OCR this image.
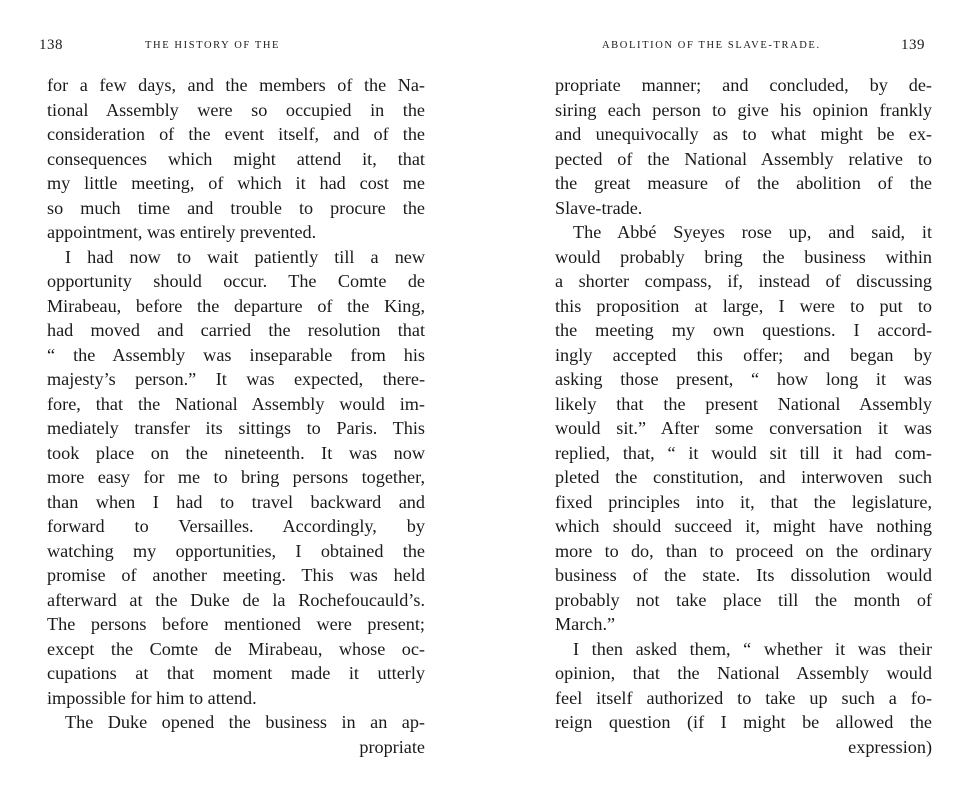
138	THE HISTORY OF THE
for a few days, and the members of the Na-
tional Assembly were so occupied in the
consideration of the event itself, and of the
consequences which might attend it, that
my little meeting, of which it had cost me
so much time and trouble to procure the
appointment, was entirely prevented.
I had now to wait patiently till a new
opportunity should occur. The Comte de
Mirabeau, before the departure of the King,
had moved and carried the resolution that
“ the Assembly was inseparable from his
majesty’s person.” It was expected, there-
fore, that the National Assembly would im-
mediately transfer its sittings to Paris. This
took place on the nineteenth. It was now
more easy for me to bring persons together,
than when I had to travel backward and
forward to Versailles. Accordingly, by
watching my opportunities, I obtained the
promise of another meeting. This was held
afterward at the Duke de la Rochefoucauld’s.
The persons before mentioned were present;
except the Comte de Mirabeau, whose oc-
cupations at that moment made it utterly
impossible for him to attend.
The Duke opened the business in an ap-
propriate
ABOLITION OF THE SLAVE-TRADE.	139
propriate manner; and concluded, by de-
siring each person to give his opinion frankly
and unequivocally as to what might be ex-
pected of the National Assembly relative to
the great measure of the abolition of the
Slave-trade.
The Abbé Syeyes rose up, and said, it
would probably bring the business within
a shorter compass, if, instead of discussing
this proposition at large, I were to put to
the meeting my own questions. I accord-
ingly accepted this offer; and began by
asking those present, “ how long it was
likely that the present National Assembly
would sit.” After some conversation it was
replied, that, “ it would sit till it had com-
pleted the constitution, and interwoven such
fixed principles into it, that the legislature,
which should succeed it, might have nothing
more to do, than to proceed on the ordinary
business of the state. Its dissolution would
probably not take place till the month of
March.”
I then asked them, “ whether it was their
opinion, that the National Assembly would
feel itself authorized to take up such a fo-
reign question (if I might be allowed the
expression)
